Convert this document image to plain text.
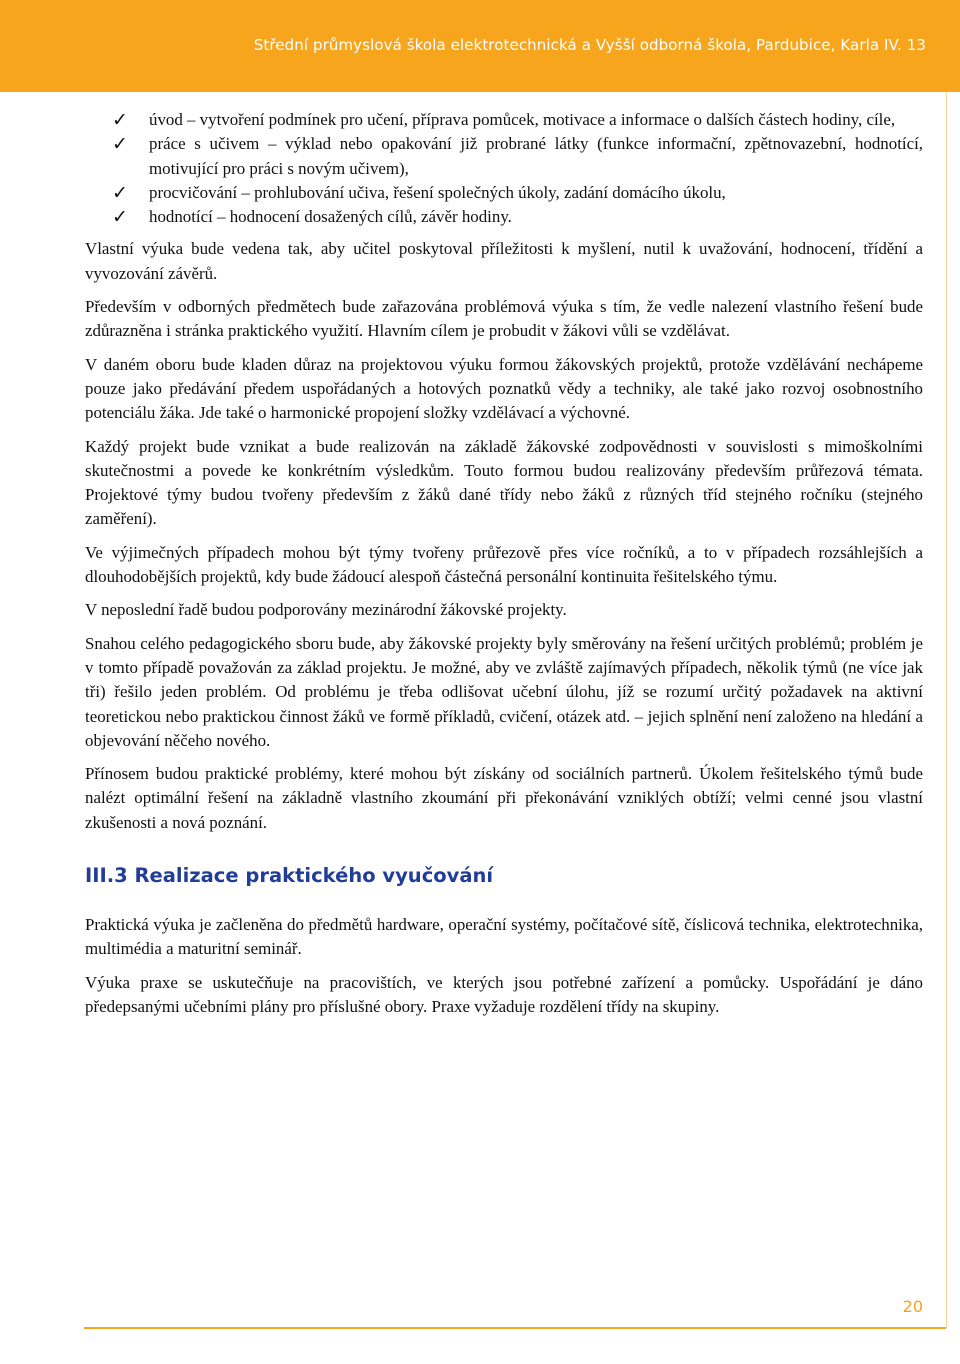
Střední průmyslová škola elektrotechnická a Vyšší odborná škola, Pardubice, Karla IV. 13
✓ úvod – vytvoření podmínek pro učení, příprava pomůcek, motivace a informace o dalších částech hodiny, cíle,
✓ práce s učivem – výklad nebo opakování již probrané látky (funkce informační, zpětnovazební, hodnotící, motivující pro práci s novým učivem),
✓ procvičování – prohlubování učiva, řešení společných úkoly, zadání domácího úkolu,
✓ hodnotící – hodnocení dosažených cílů, závěr hodiny.

Vlastní výuka bude vedena tak, aby učitel poskytoval příležitosti k myšlení, nutil k uvažování, hodnocení, třídění a vyvozování závěrů.

Především v odborných předmětech bude zařazována problémová výuka s tím, že vedle nalezení vlastního řešení bude zdůrazněna i stránka praktického využití. Hlavním cílem je probudit v žákovi vůli se vzdělávat.

V daném oboru bude kladen důraz na projektovou výuku formou žákovských projektů, protože vzdělávání nechápeme pouze jako předávání předem uspořádaných a hotových poznatků vědy a techniky, ale také jako rozvoj osobnostního potenciálu žáka. Jde také o harmonické propojení složky vzdělávací a výchovné.

Každý projekt bude vznikat a bude realizován na základě žákovské zodpovědnosti v souvislosti s mimoškolními skutečnostmi a povede ke konkrétním výsledkům. Touto formou budou realizovány především průřezová témata. Projektové týmy budou tvořeny především z žáků dané třídy nebo žáků z různých tříd stejného ročníku (stejného zaměření).

Ve výjimečných případech mohou být týmy tvořeny průřezově přes více ročníků, a to v případech rozsáhlejších a dlouhodobějších projektů, kdy bude žádoucí alespoň částečná personální kontinuita řešitelského týmu.

V neposlední řadě budou podporovány mezinárodní žákovské projekty.

Snahou celého pedagogického sboru bude, aby žákovské projekty byly směrovány na řešení určitých problémů; problém je v tomto případě považován za základ projektu. Je možné, aby ve zvláště zajímavých případech, několik týmů (ne více jak tři) řešilo jeden problém. Od problému je třeba odlišovat učební úlohu, jíž se rozumí určitý požadavek na aktivní teoretickou nebo praktickou činnost žáků ve formě příkladů, cvičení, otázek atd. – jejich splnění není založeno na hledání a objevování něčeho nového.

Přínosem budou praktické problémy, které mohou být získány od sociálních partnerů. Úkolem řešitelského týmů bude nalézt optimální řešení na základně vlastního zkoumání při překonávání vzniklých obtíží; velmi cenné jsou vlastní zkušenosti a nová poznání.

III.3 Realizace praktického vyučování

Praktická výuka je začleněna do předmětů hardware, operační systémy, počítačové sítě, číslicová technika, elektrotechnika, multimédia a maturitní seminář.

Výuka praxe se uskutečňuje na pracovištích, ve kterých jsou potřebné zařízení a pomůcky. Uspořádání je dáno předepsanými učebními plány pro příslušné obory. Praxe vyžaduje rozdělení třídy na skupiny.

20
